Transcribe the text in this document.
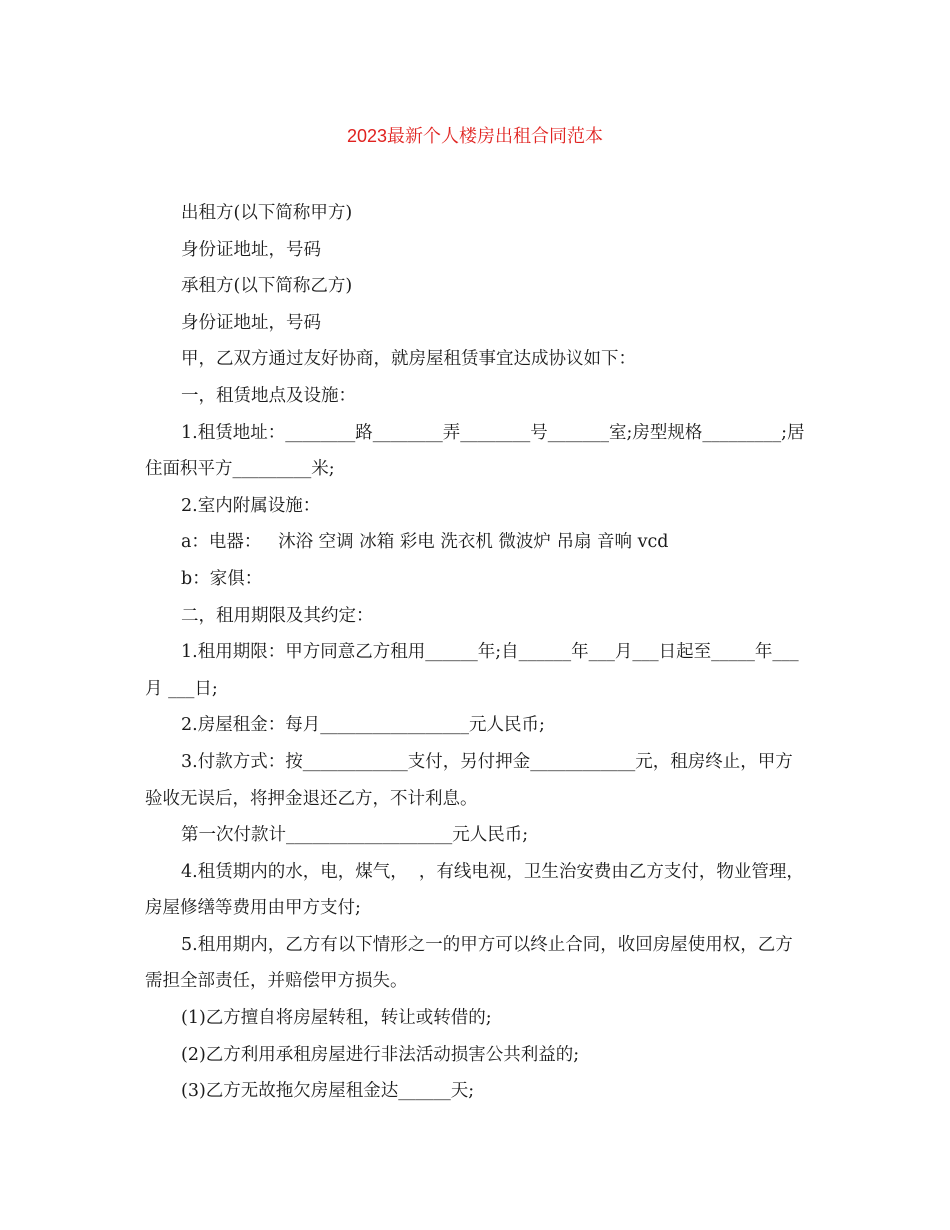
2023最新个人楼房出租合同范本

出租方(以下简称甲方)

身份证地址，号码

承租方(以下简称乙方)

身份证地址，号码

甲，乙双方通过友好协商，就房屋租赁事宜达成协议如下：

一，租赁地点及设施：

1.租赁地址：________路________弄________号_______室;房型规格_________;居住面积平方_________米;

2.室内附属设施：

a：电器：   沐浴 空调 冰箱 彩电 洗衣机 微波炉 吊扇 音响 vcd

b：家俱：

二，租用期限及其约定：

1.租用期限：甲方同意乙方租用______年;自______年___月___日起至_____年___月 ___日;

2.房屋租金：每月_________________元人民币;

3.付款方式：按____________支付，另付押金____________元，租房终止，甲方验收无误后，将押金退还乙方，不计利息。

第一次付款计___________________元人民币;

4.租赁期内的水，电，煤气，  ，有线电视，卫生治安费由乙方支付，物业管理，房屋修缮等费用由甲方支付;

5.租用期内，乙方有以下情形之一的甲方可以终止合同，收回房屋使用权，乙方需担全部责任，并赔偿甲方损失。

(1)乙方擅自将房屋转租，转让或转借的;

(2)乙方利用承租房屋进行非法活动损害公共利益的;

(3)乙方无故拖欠房屋租金达______天;
